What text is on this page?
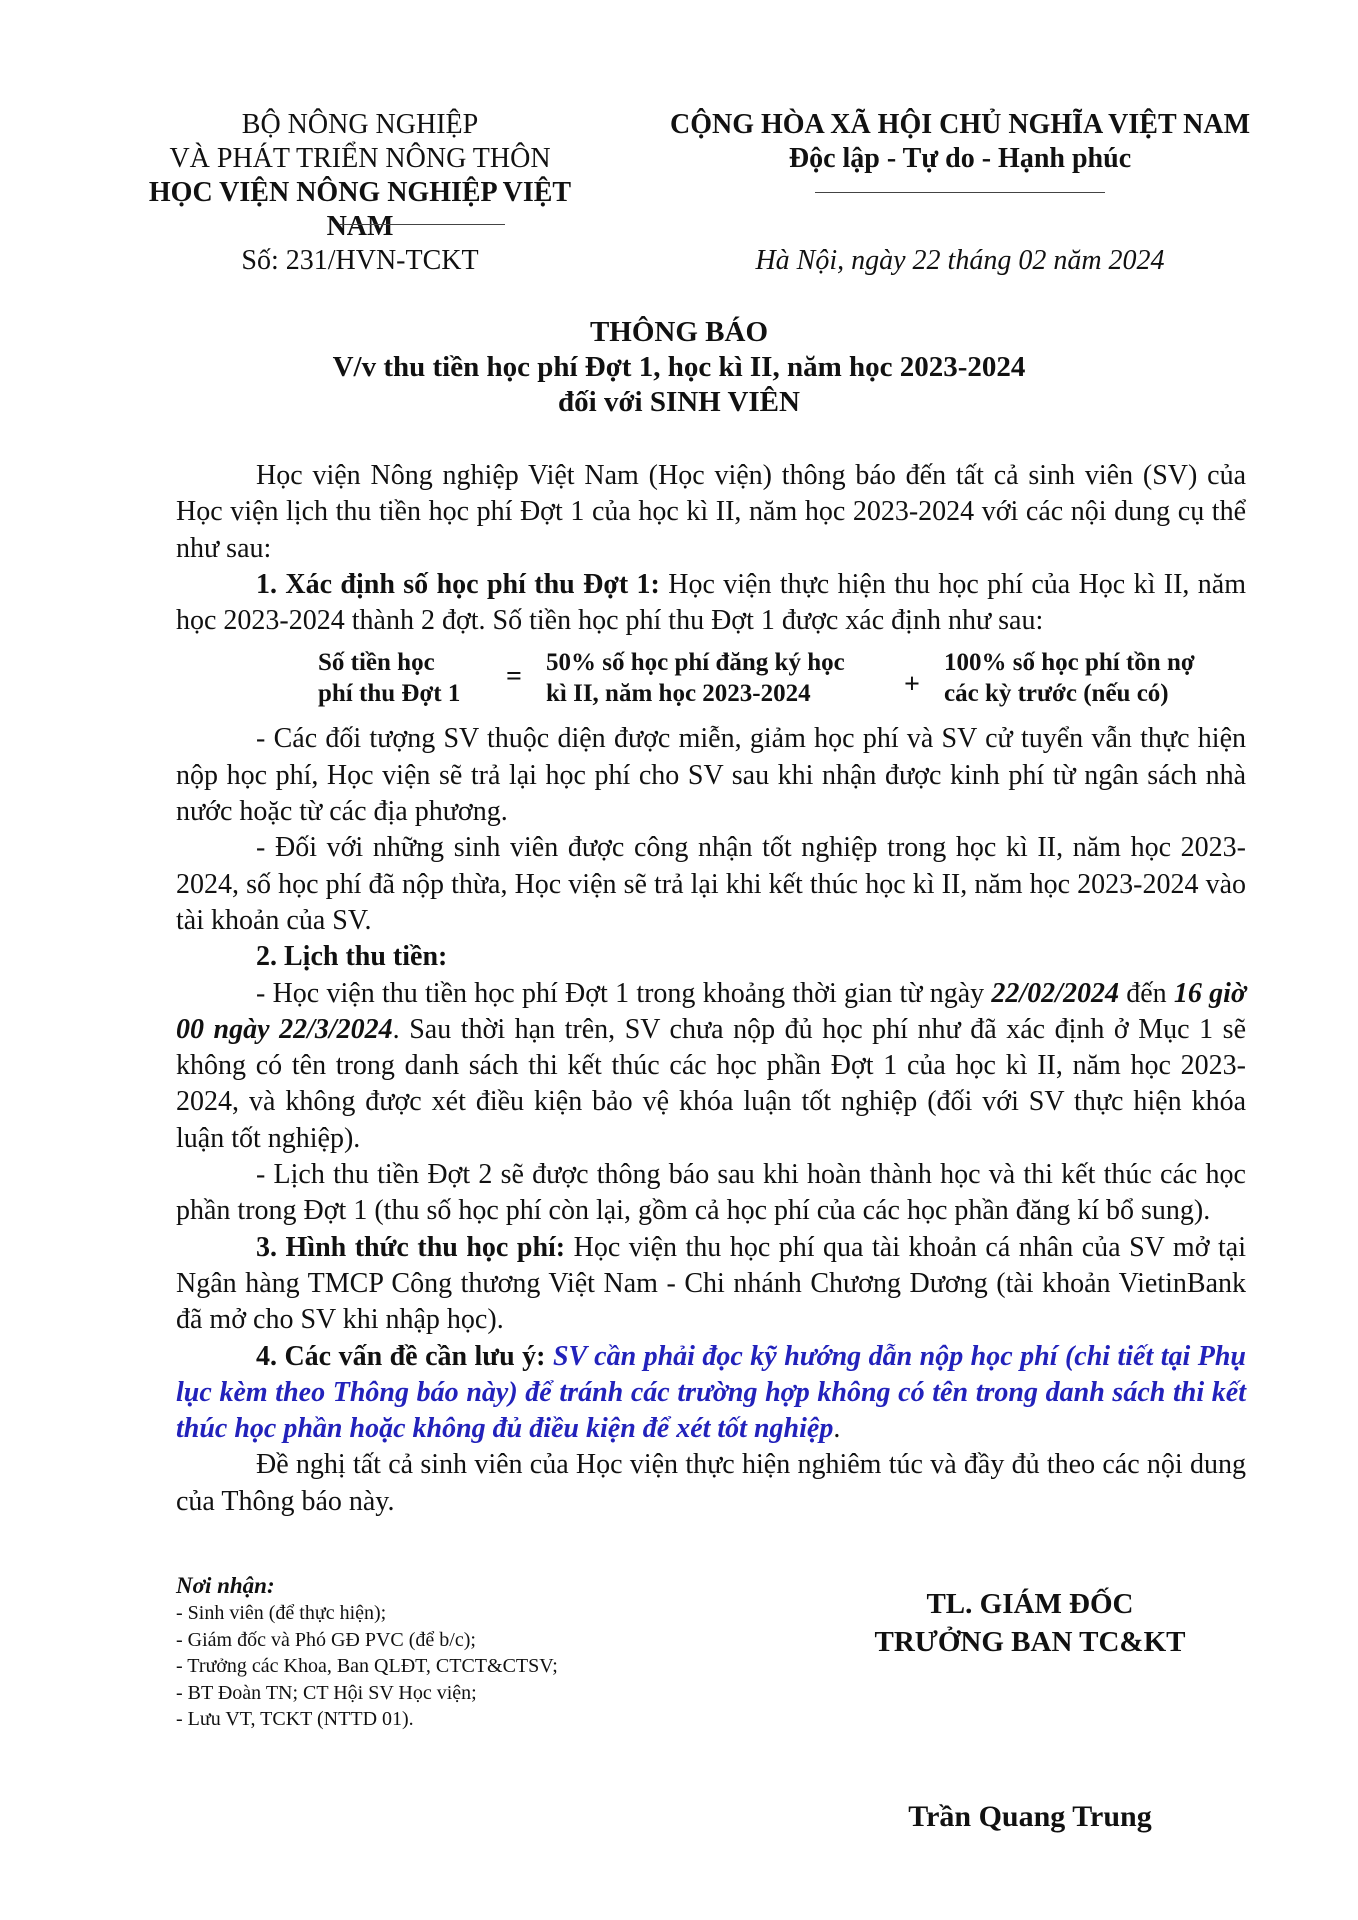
BỘ NÔNG NGHIỆP
VÀ PHÁT TRIỂN NÔNG THÔN
HỌC VIỆN NÔNG NGHIỆP VIỆT NAM
CỘNG HÒA XÃ HỘI CHỦ NGHĨA VIỆT NAM
Độc lập - Tự do - Hạnh phúc
Số: 231/HVN-TCKT	Hà Nội, ngày 22 tháng 02 năm 2024
THÔNG BÁO
V/v thu tiền học phí Đợt 1, học kì II, năm học 2023-2024
đối với SINH VIÊN

Học viện Nông nghiệp Việt Nam (Học viện) thông báo đến tất cả sinh viên (SV) của Học viện lịch thu tiền học phí Đợt 1 của học kì II, năm học 2023-2024 với các nội dung cụ thể như sau:

1. Xác định số học phí thu Đợt 1: Học viện thực hiện thu học phí của Học kì II, năm học 2023-2024 thành 2 đợt. Số tiền học phí thu Đợt 1 được xác định như sau:

Số tiền học
phí thu Đợt 1
= 50% số học phí đăng ký học
kì II, năm học 2023-2024	+
100% số học phí tồn nợ
các kỳ trước (nếu có)

- Các đối tượng SV thuộc diện được miễn, giảm học phí và SV cử tuyển vẫn thực hiện nộp học phí, Học viện sẽ trả lại học phí cho SV sau khi nhận được kinh phí từ ngân sách nhà nước hoặc từ các địa phương.

- Đối với những sinh viên được công nhận tốt nghiệp trong học kì II, năm học 2023-2024, số học phí đã nộp thừa, Học viện sẽ trả lại khi kết thúc học kì II, năm học 2023-2024 vào tài khoản của SV.

2. Lịch thu tiền:

- Học viện thu tiền học phí Đợt 1 trong khoảng thời gian từ ngày 22/02/2024 đến 16 giờ 00 ngày 22/3/2024. Sau thời hạn trên, SV chưa nộp đủ học phí như đã xác định ở Mục 1 sẽ không có tên trong danh sách thi kết thúc các học phần Đợt 1 của học kì II, năm học 2023-2024, và không được xét điều kiện bảo vệ khóa luận tốt nghiệp (đối với SV thực hiện khóa luận tốt nghiệp).

- Lịch thu tiền Đợt 2 sẽ được thông báo sau khi hoàn thành học và thi kết thúc các học phần trong Đợt 1 (thu số học phí còn lại, gồm cả học phí của các học phần đăng kí bổ sung).

3. Hình thức thu học phí: Học viện thu học phí qua tài khoản cá nhân của SV mở tại Ngân hàng TMCP Công thương Việt Nam - Chi nhánh Chương Dương (tài khoản VietinBank đã mở cho SV khi nhập học).

4. Các vấn đề cần lưu ý: SV cần phải đọc kỹ hướng dẫn nộp học phí (chi tiết tại Phụ lục kèm theo Thông báo này) để tránh các trường hợp không có tên trong danh sách thi kết thúc học phần hoặc không đủ điều kiện để xét tốt nghiệp.

Đề nghị tất cả sinh viên của Học viện thực hiện nghiêm túc và đầy đủ theo các nội dung của Thông báo này.

Nơi nhận:
- Sinh viên (để thực hiện);
- Giám đốc và Phó GĐ PVC (để b/c);
- Trưởng các Khoa, Ban QLĐT, CTCT&CTSV;
- BT Đoàn TN; CT Hội SV Học viện;
- Lưu VT, TCKT (NTTD 01).
TL. GIÁM ĐỐC
TRƯỞNG BAN TC&KT
Trần Quang Trung
